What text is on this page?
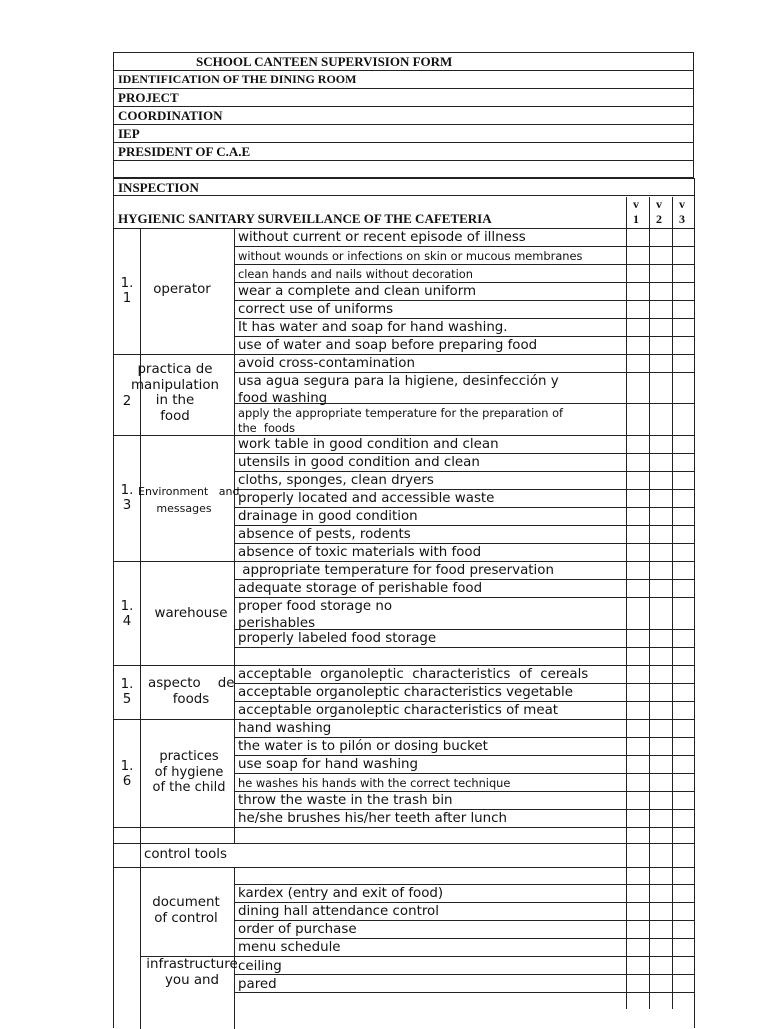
SCHOOL CANTEEN SUPERVISION FORM
IDENTIFICATION OF THE DINING ROOM
PROJECT
COORDINATION
IEP
PRESIDENT OF C.A.E
INSPECTION
HYGIENIC SANITARY SURVEILLANCE OF THE CAFETERIA
v
1
v
2
v
3
without current or recent episode of illness
without wounds or infections on skin or mucous membranes
clean hands and nails without decoration
wear a complete and clean uniform
correct use of uniforms
It has water and soap for hand washing.
use of water and soap before preparing food
1.
1
operator
avoid cross-contamination
usa agua segura para la higiene, desinfección y
food washing
apply the appropriate temperature for the preparation of
the  foods
2
practica de
manipulation
in the
food
work table in good condition and clean
utensils in good condition and clean
cloths, sponges, clean dryers
properly located and accessible waste
drainage in good condition
absence of pests, rodents
absence of toxic materials with food
1.
3
Environment   and
messages
appropriate temperature for food preservation
adequate storage of perishable food
proper food storage no
perishables
properly labeled food storage
1.
4
warehouse
acceptable  organoleptic  characteristics  of  cereals
acceptable organoleptic characteristics vegetable
acceptable organoleptic characteristics of meat
1.
5
aspecto    de
foods
hand washing
the water is to pilón or dosing bucket
use soap for hand washing
he washes his hands with the correct technique
throw the waste in the trash bin
he/she brushes his/her teeth after lunch
1.
6
practices
of hygiene
of the child
control tools
kardex (entry and exit of food)
dining hall attendance control
order of purchase
menu schedule
document
of control
ceiling
pared
infrastructure
you and
